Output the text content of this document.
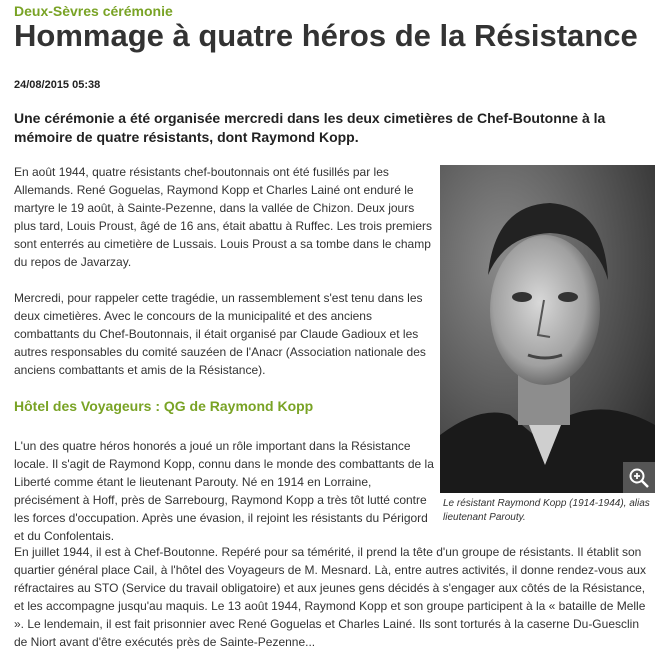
Deux-Sèvres cérémonie
Hommage à quatre héros de la Résistance
24/08/2015 05:38

Une cérémonie a été organisée mercredi dans les deux cimetières de Chef-Boutonne à la mémoire de quatre résistants, dont Raymond Kopp.

En août 1944, quatre résistants chef-boutonnais ont été fusillés par les Allemands. René Goguelas, Raymond Kopp et Charles Lainé ont enduré le martyre le 19 août, à Sainte-Pezenne, dans la vallée de Chizon. Deux jours plus tard, Louis Proust, âgé de 16 ans, était abattu à Ruffec. Les trois premiers sont enterrés au cimetière de Lussais. Louis Proust a sa tombe dans le champ du repos de Javarzay.

Mercredi, pour rappeler cette tragédie, un rassemblement s'est tenu dans les deux cimetières. Avec le concours de la municipalité et des anciens combattants du Chef-Boutonnais, il était organisé par Claude Gadioux et les autres responsables du comité sauzéen de l'Anacr (Association nationale des anciens combattants et amis de la Résistance).

Hôtel des Voyageurs : QG de Raymond Kopp

L'un des quatre héros honorés a joué un rôle important dans la Résistance locale. Il s'agit de Raymond Kopp, connu dans le monde des combattants de la Liberté comme étant le lieutenant Parouty. Né en 1914 en Lorraine, précisément à Hoff, près de Sarrebourg, Raymond Kopp a très tôt lutté contre les forces d'occupation. Après une évasion, il rejoint les résistants du Périgord et du Confolentais.

En juillet 1944, il est à Chef-Boutonne. Repéré pour sa témérité, il prend la tête d'un groupe de résistants. Il établit son quartier général place Cail, à l'hôtel des Voyageurs de M. Mesnard. Là, entre autres activités, il donne rendez-vous aux réfractaires au STO (Service du travail obligatoire) et aux jeunes gens décidés à s'engager aux côtés de la Résistance, et les accompagne jusqu'au maquis. Le 13 août 1944, Raymond Kopp et son groupe participent à la « bataille de Melle ». Le lendemain, il est fait prisonnier avec René Goguelas et Charles Lainé. Ils sont torturés à la caserne Du-Guesclin de Niort avant d'être exécutés près de Sainte-Pezenne...

Le résistant Raymond Kopp (1914-1944), alias lieutenant Parouty.
